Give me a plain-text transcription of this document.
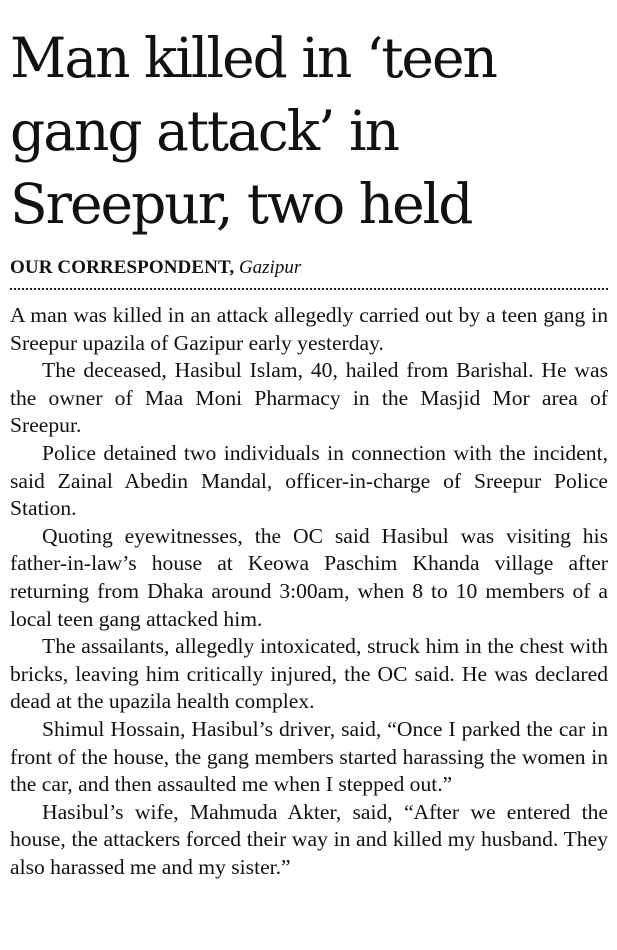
Man killed in ‘teen gang attack’ in Sreepur, two held
OUR CORRESPONDENT, Gazipur

A man was killed in an attack allegedly carried out by a teen gang in Sreepur upazila of Gazipur early yesterday.

The deceased, Hasibul Islam, 40, hailed from Barishal. He was the owner of Maa Moni Pharmacy in the Masjid Mor area of Sreepur.

Police detained two individuals in connection with the incident, said Zainal Abedin Mandal, officer-in-charge of Sreepur Police Station.

Quoting eyewitnesses, the OC said Hasibul was visiting his father-in-law’s house at Keowa Paschim Khanda village after returning from Dhaka around 3:00am, when 8 to 10 members of a local teen gang attacked him.

The assailants, allegedly intoxicated, struck him in the chest with bricks, leaving him critically injured, the OC said. He was declared dead at the upazila health complex.

Shimul Hossain, Hasibul’s driver, said, “Once I parked the car in front of the house, the gang members started harassing the women in the car, and then assaulted me when I stepped out.”

Hasibul’s wife, Mahmuda Akter, said, “After we entered the house, the attackers forced their way in and killed my husband. They also harassed me and my sister.”
